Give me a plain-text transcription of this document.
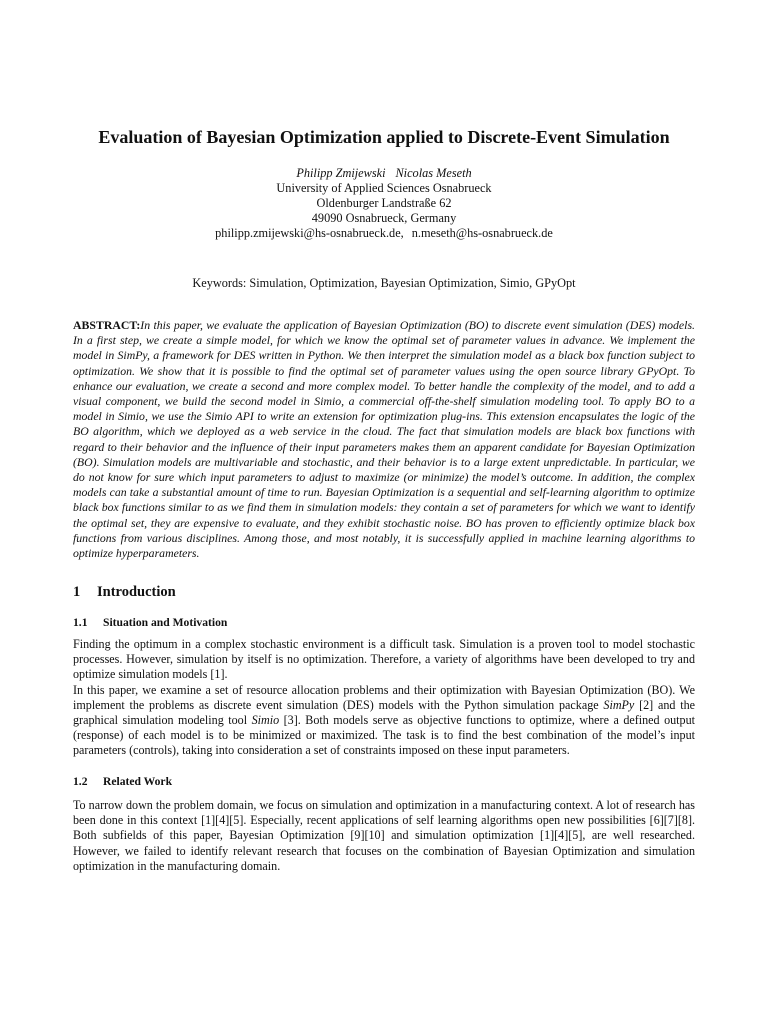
Evaluation of Bayesian Optimization applied to Discrete-Event Simulation
Philipp Zmijewski Nicolas Meseth
University of Applied Sciences Osnabrueck
Oldenburger Landstraße 62
49090 Osnabrueck, Germany
philipp.zmijewski@hs-osnabrueck.de, n.meseth@hs-osnabrueck.de
Keywords: Simulation, Optimization, Bayesian Optimization, Simio, GPyOpt
ABSTRACT:In this paper, we evaluate the application of Bayesian Optimization (BO) to discrete event simulation (DES) models. In a first step, we create a simple model, for which we know the optimal set of parameter values in advance. We implement the model in SimPy, a framework for DES written in Python. We then interpret the simulation model as a black box function subject to optimization. We show that it is possible to find the optimal set of parameter values using the open source library GPyOpt. To enhance our evaluation, we create a second and more complex model. To better handle the complexity of the model, and to add a visual component, we build the second model in Simio, a commercial off-the-shelf simulation modeling tool. To apply BO to a model in Simio, we use the Simio API to write an extension for optimization plug-ins. This extension encapsulates the logic of the BO algorithm, which we deployed as a web service in the cloud. The fact that simulation models are black box functions with regard to their behavior and the influence of their input parameters makes them an apparent candidate for Bayesian Optimization (BO). Simulation models are multivariable and stochastic, and their behavior is to a large extent unpredictable. In particular, we do not know for sure which input parameters to adjust to maximize (or minimize) the model’s outcome. In addition, the complex models can take a substantial amount of time to run. Bayesian Optimization is a sequential and self-learning algorithm to optimize black box functions similar to as we find them in simulation models: they contain a set of parameters for which we want to identify the optimal set, they are expensive to evaluate, and they exhibit stochastic noise. BO has proven to efficiently optimize black box functions from various disciplines. Among those, and most notably, it is successfully applied in machine learning algorithms to optimize hyperparameters.
1 Introduction
1.1 Situation and Motivation

Finding the optimum in a complex stochastic environment is a difficult task. Simulation is a proven tool to model stochastic processes. However, simulation by itself is no optimization. Therefore, a variety of algorithms have been developed to try and optimize simulation models [1].

In this paper, we examine a set of resource allocation problems and their optimization with Bayesian Optimization (BO). We implement the problems as discrete event simulation (DES) models with the Python simulation package SimPy [2] and the graphical simulation modeling tool Simio [3]. Both models serve as objective functions to optimize, where a defined output (response) of each model is to be minimized or maximized. The task is to find the best combination of the model’s input parameters (controls), taking into consideration a set of constraints imposed on these input parameters.

1.2 Related Work

To narrow down the problem domain, we focus on simulation and optimization in a manufacturing context. A lot of research has been done in this context [1][4][5]. Especially, recent applications of self learning algorithms open new possibilities [6][7][8]. Both subfields of this paper, Bayesian Optimization [9][10] and simulation optimization [1][4][5], are well researched. However, we failed to identify relevant research that focuses on the combination of Bayesian Optimization and simulation optimization in the manufacturing domain.
